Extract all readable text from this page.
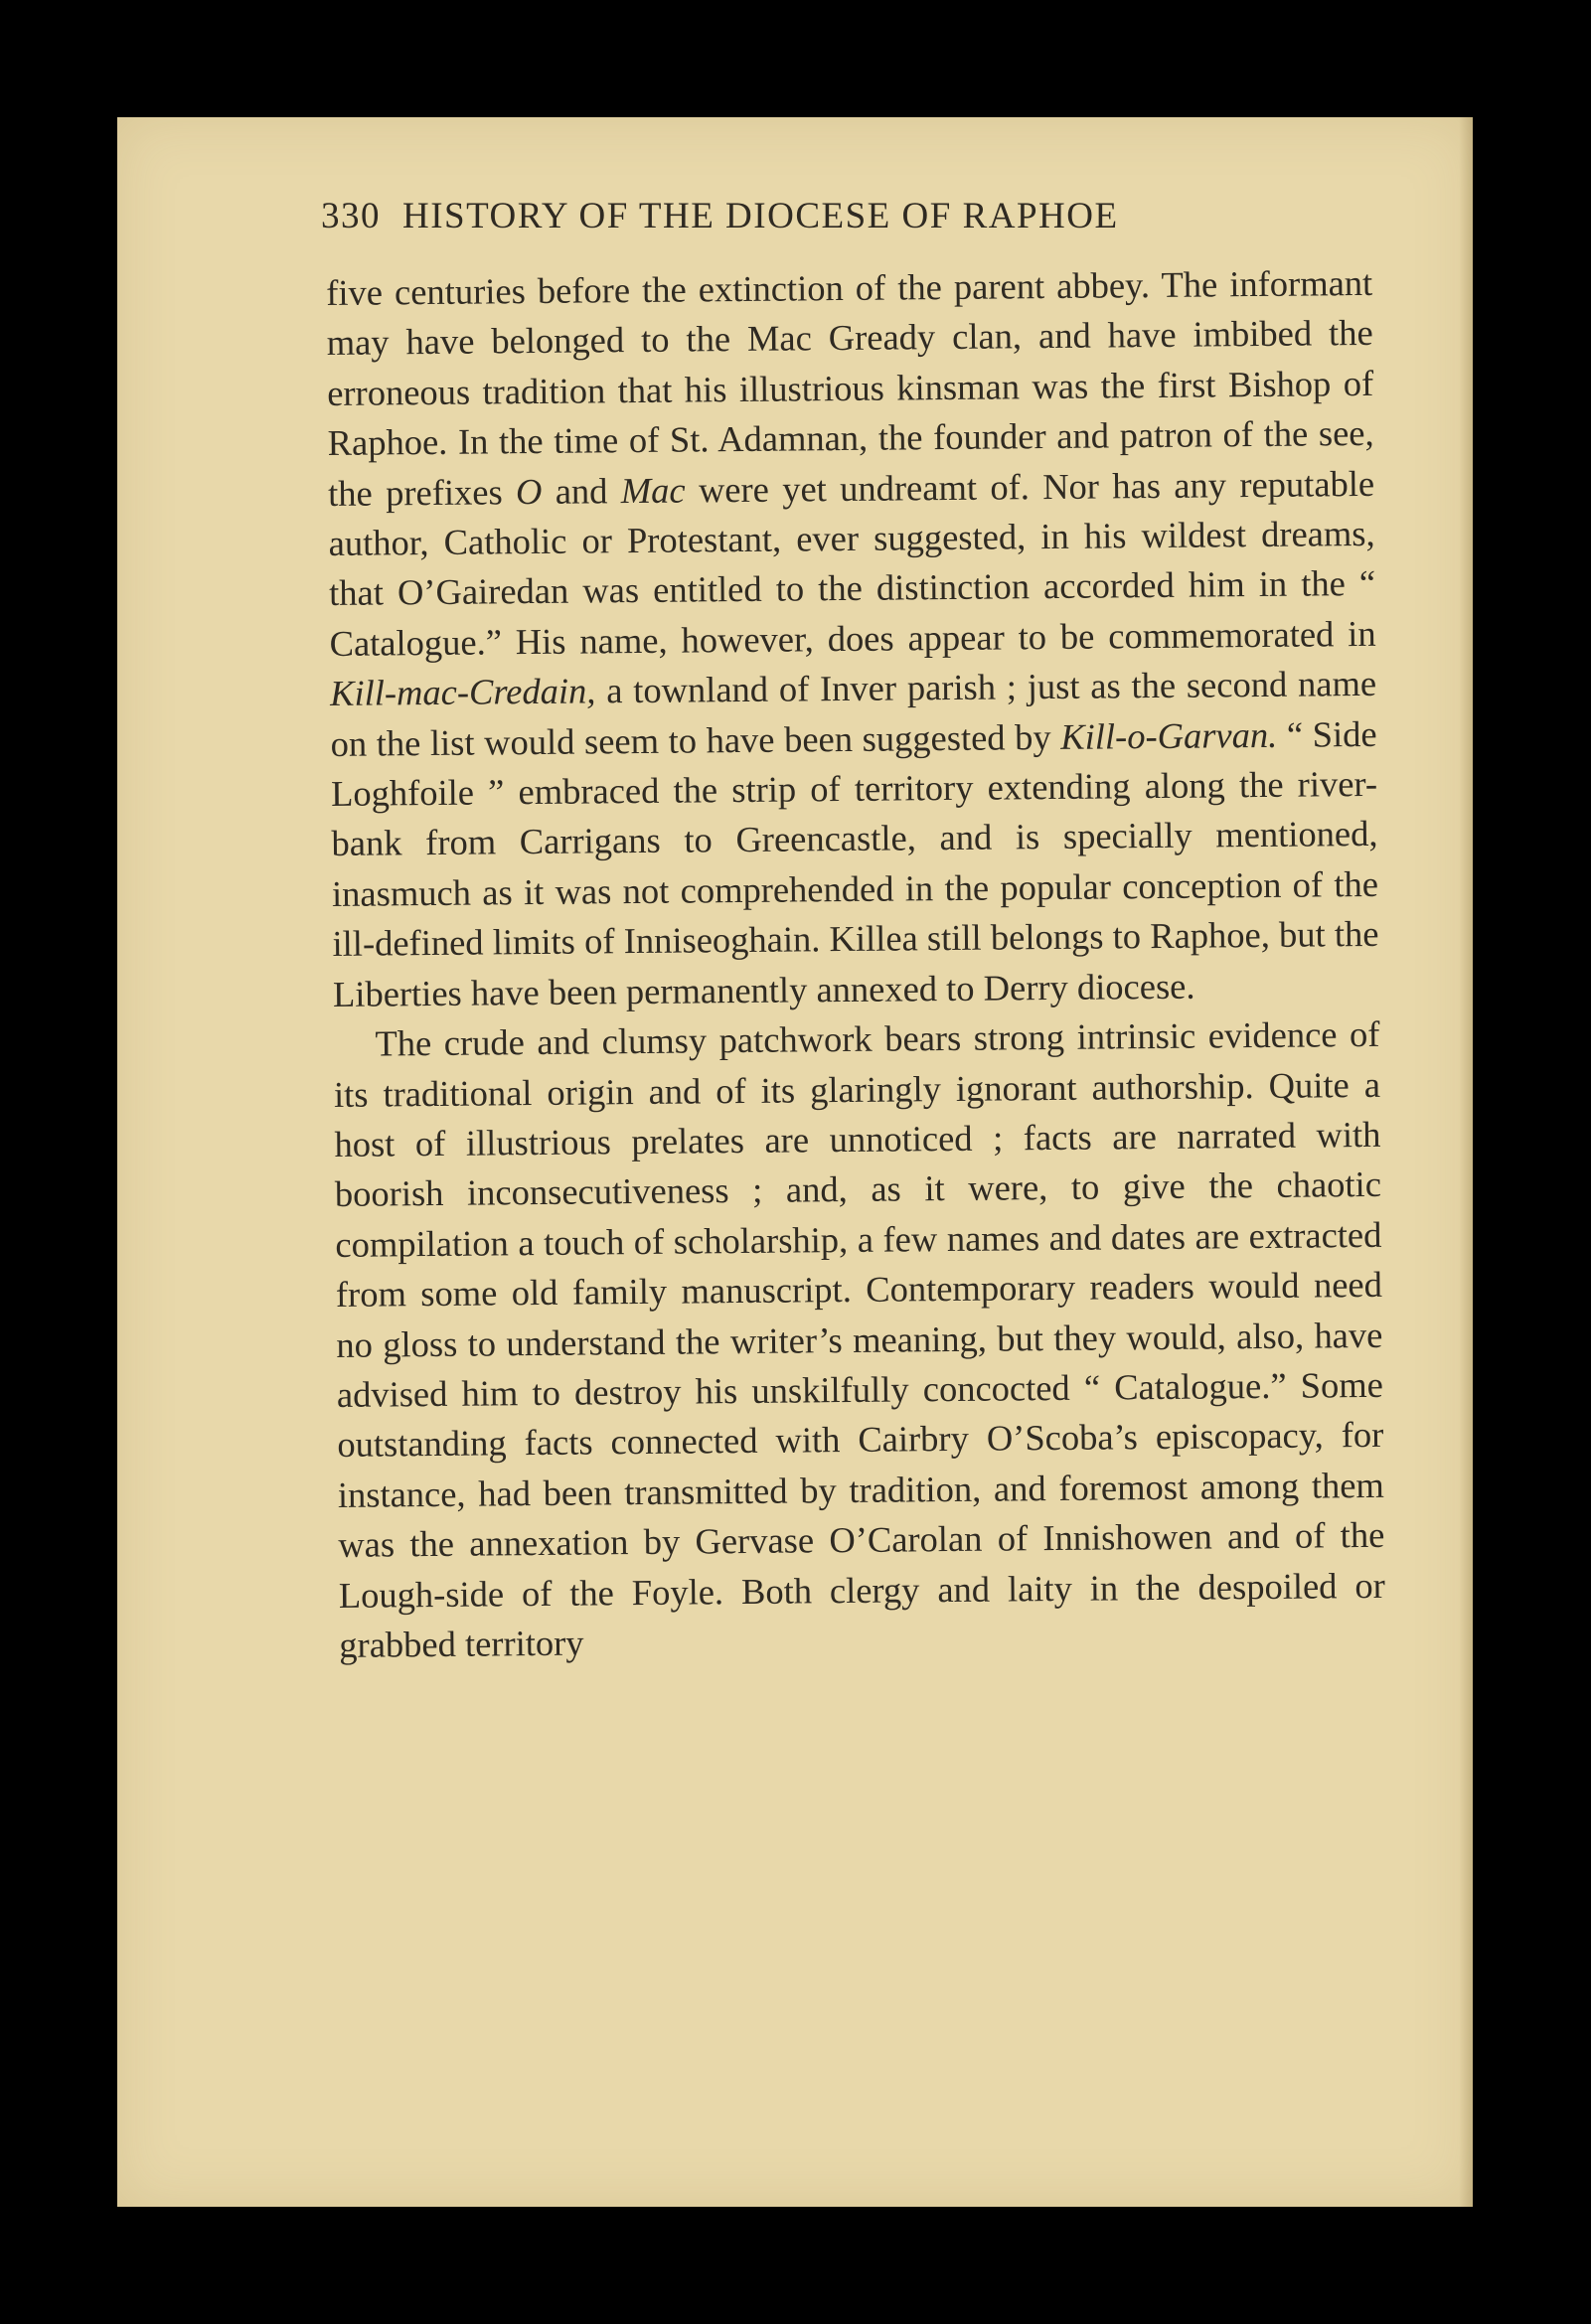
330 HISTORY OF THE DIOCESE OF RAPHOE

five centuries before the extinction of the parent abbey. The informant may have belonged to the Mac Gready clan, and have imbibed the erroneous tradition that his illustrious kinsman was the first Bishop of Raphoe. In the time of St. Adamnan, the founder and patron of the see, the prefixes O and Mac were yet undreamt of. Nor has any reputable author, Catholic or Protestant, ever suggested, in his wildest dreams, that O’Gairedan was entitled to the distinction accorded him in the “ Catalogue.” His name, however, does appear to be commemorated in Kill-mac-Credain, a townland of Inver parish ; just as the second name on the list would seem to have been suggested by Kill-o-Garvan. “ Side Loghfoile ” embraced the strip of territory extending along the river-bank from Carrigans to Greencastle, and is specially mentioned, inasmuch as it was not comprehended in the popular conception of the ill-defined limits of Inniseoghain. Killea still belongs to Raphoe, but the Liberties have been permanently annexed to Derry diocese.

The crude and clumsy patchwork bears strong intrinsic evidence of its traditional origin and of its glaringly ignorant authorship. Quite a host of illustrious prelates are unnoticed ; facts are narrated with boorish inconsecutiveness ; and, as it were, to give the chaotic compilation a touch of scholarship, a few names and dates are extracted from some old family manuscript. Contemporary readers would need no gloss to understand the writer’s meaning, but they would, also, have advised him to destroy his unskilfully concocted “ Catalogue.” Some outstanding facts connected with Cairbry O’Scoba’s episcopacy, for instance, had been transmitted by tradition, and foremost among them was the annexation by Gervase O’Carolan of Innishowen and of the Lough-side of the Foyle. Both clergy and laity in the despoiled or grabbed territory
